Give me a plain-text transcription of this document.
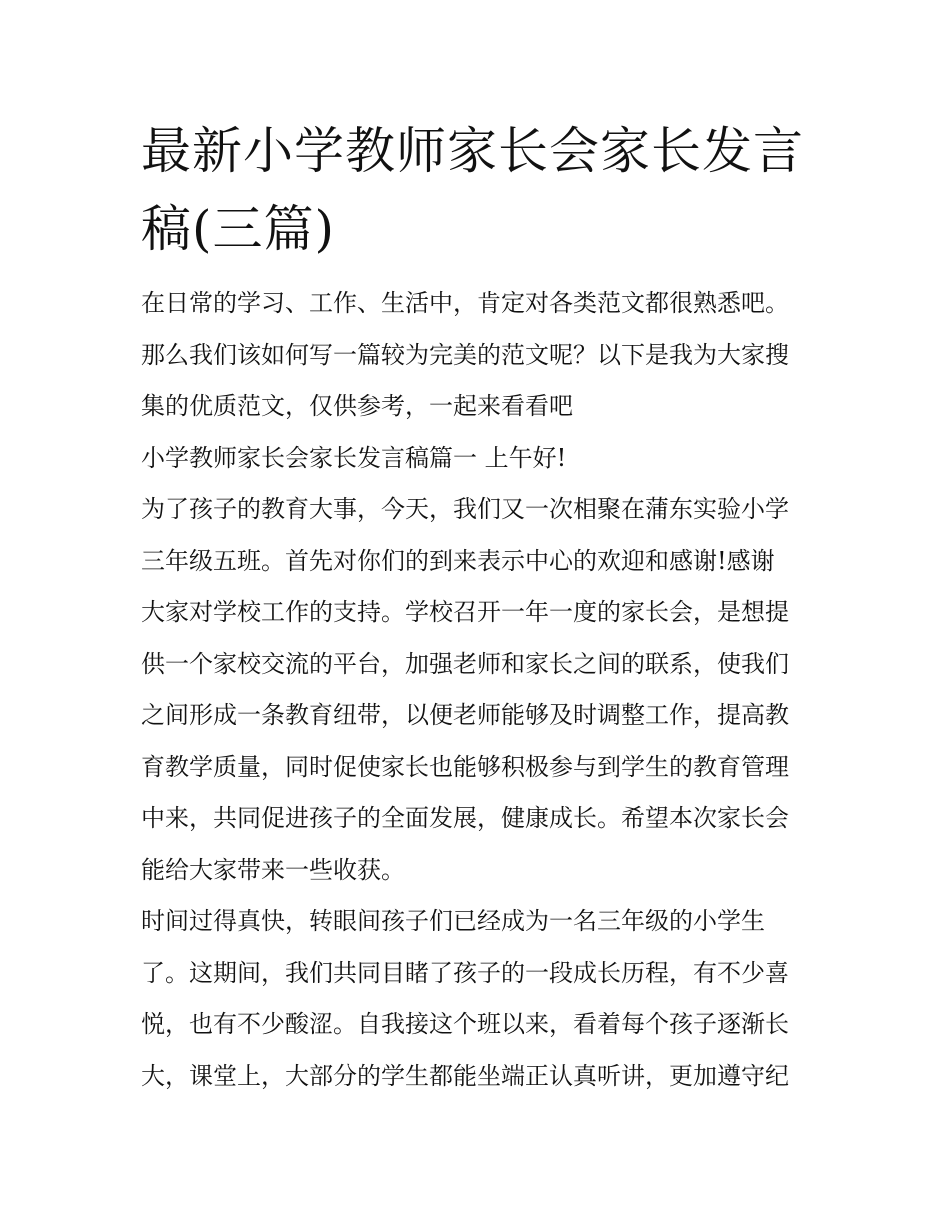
最新小学教师家长会家长发言
稿(三篇)
在日常的学习、工作、生活中，肯定对各类范文都很熟悉吧。
那么我们该如何写一篇较为完美的范文呢？以下是我为大家搜
集的优质范文，仅供参考，一起来看看吧
小学教师家长会家长发言稿篇一 上午好!
为了孩子的教育大事，今天，我们又一次相聚在蒲东实验小学
三年级五班。首先对你们的到来表示中心的欢迎和感谢!感谢
大家对学校工作的支持。学校召开一年一度的家长会，是想提
供一个家校交流的平台，加强老师和家长之间的联系，使我们
之间形成一条教育纽带，以便老师能够及时调整工作，提高教
育教学质量，同时促使家长也能够积极参与到学生的教育管理
中来，共同促进孩子的全面发展，健康成长。希望本次家长会
能给大家带来一些收获。
时间过得真快，转眼间孩子们已经成为一名三年级的小学生
了。这期间，我们共同目睹了孩子的一段成长历程，有不少喜
悦，也有不少酸涩。自我接这个班以来，看着每个孩子逐渐长
大，课堂上，大部分的学生都能坐端正认真听讲，更加遵守纪
